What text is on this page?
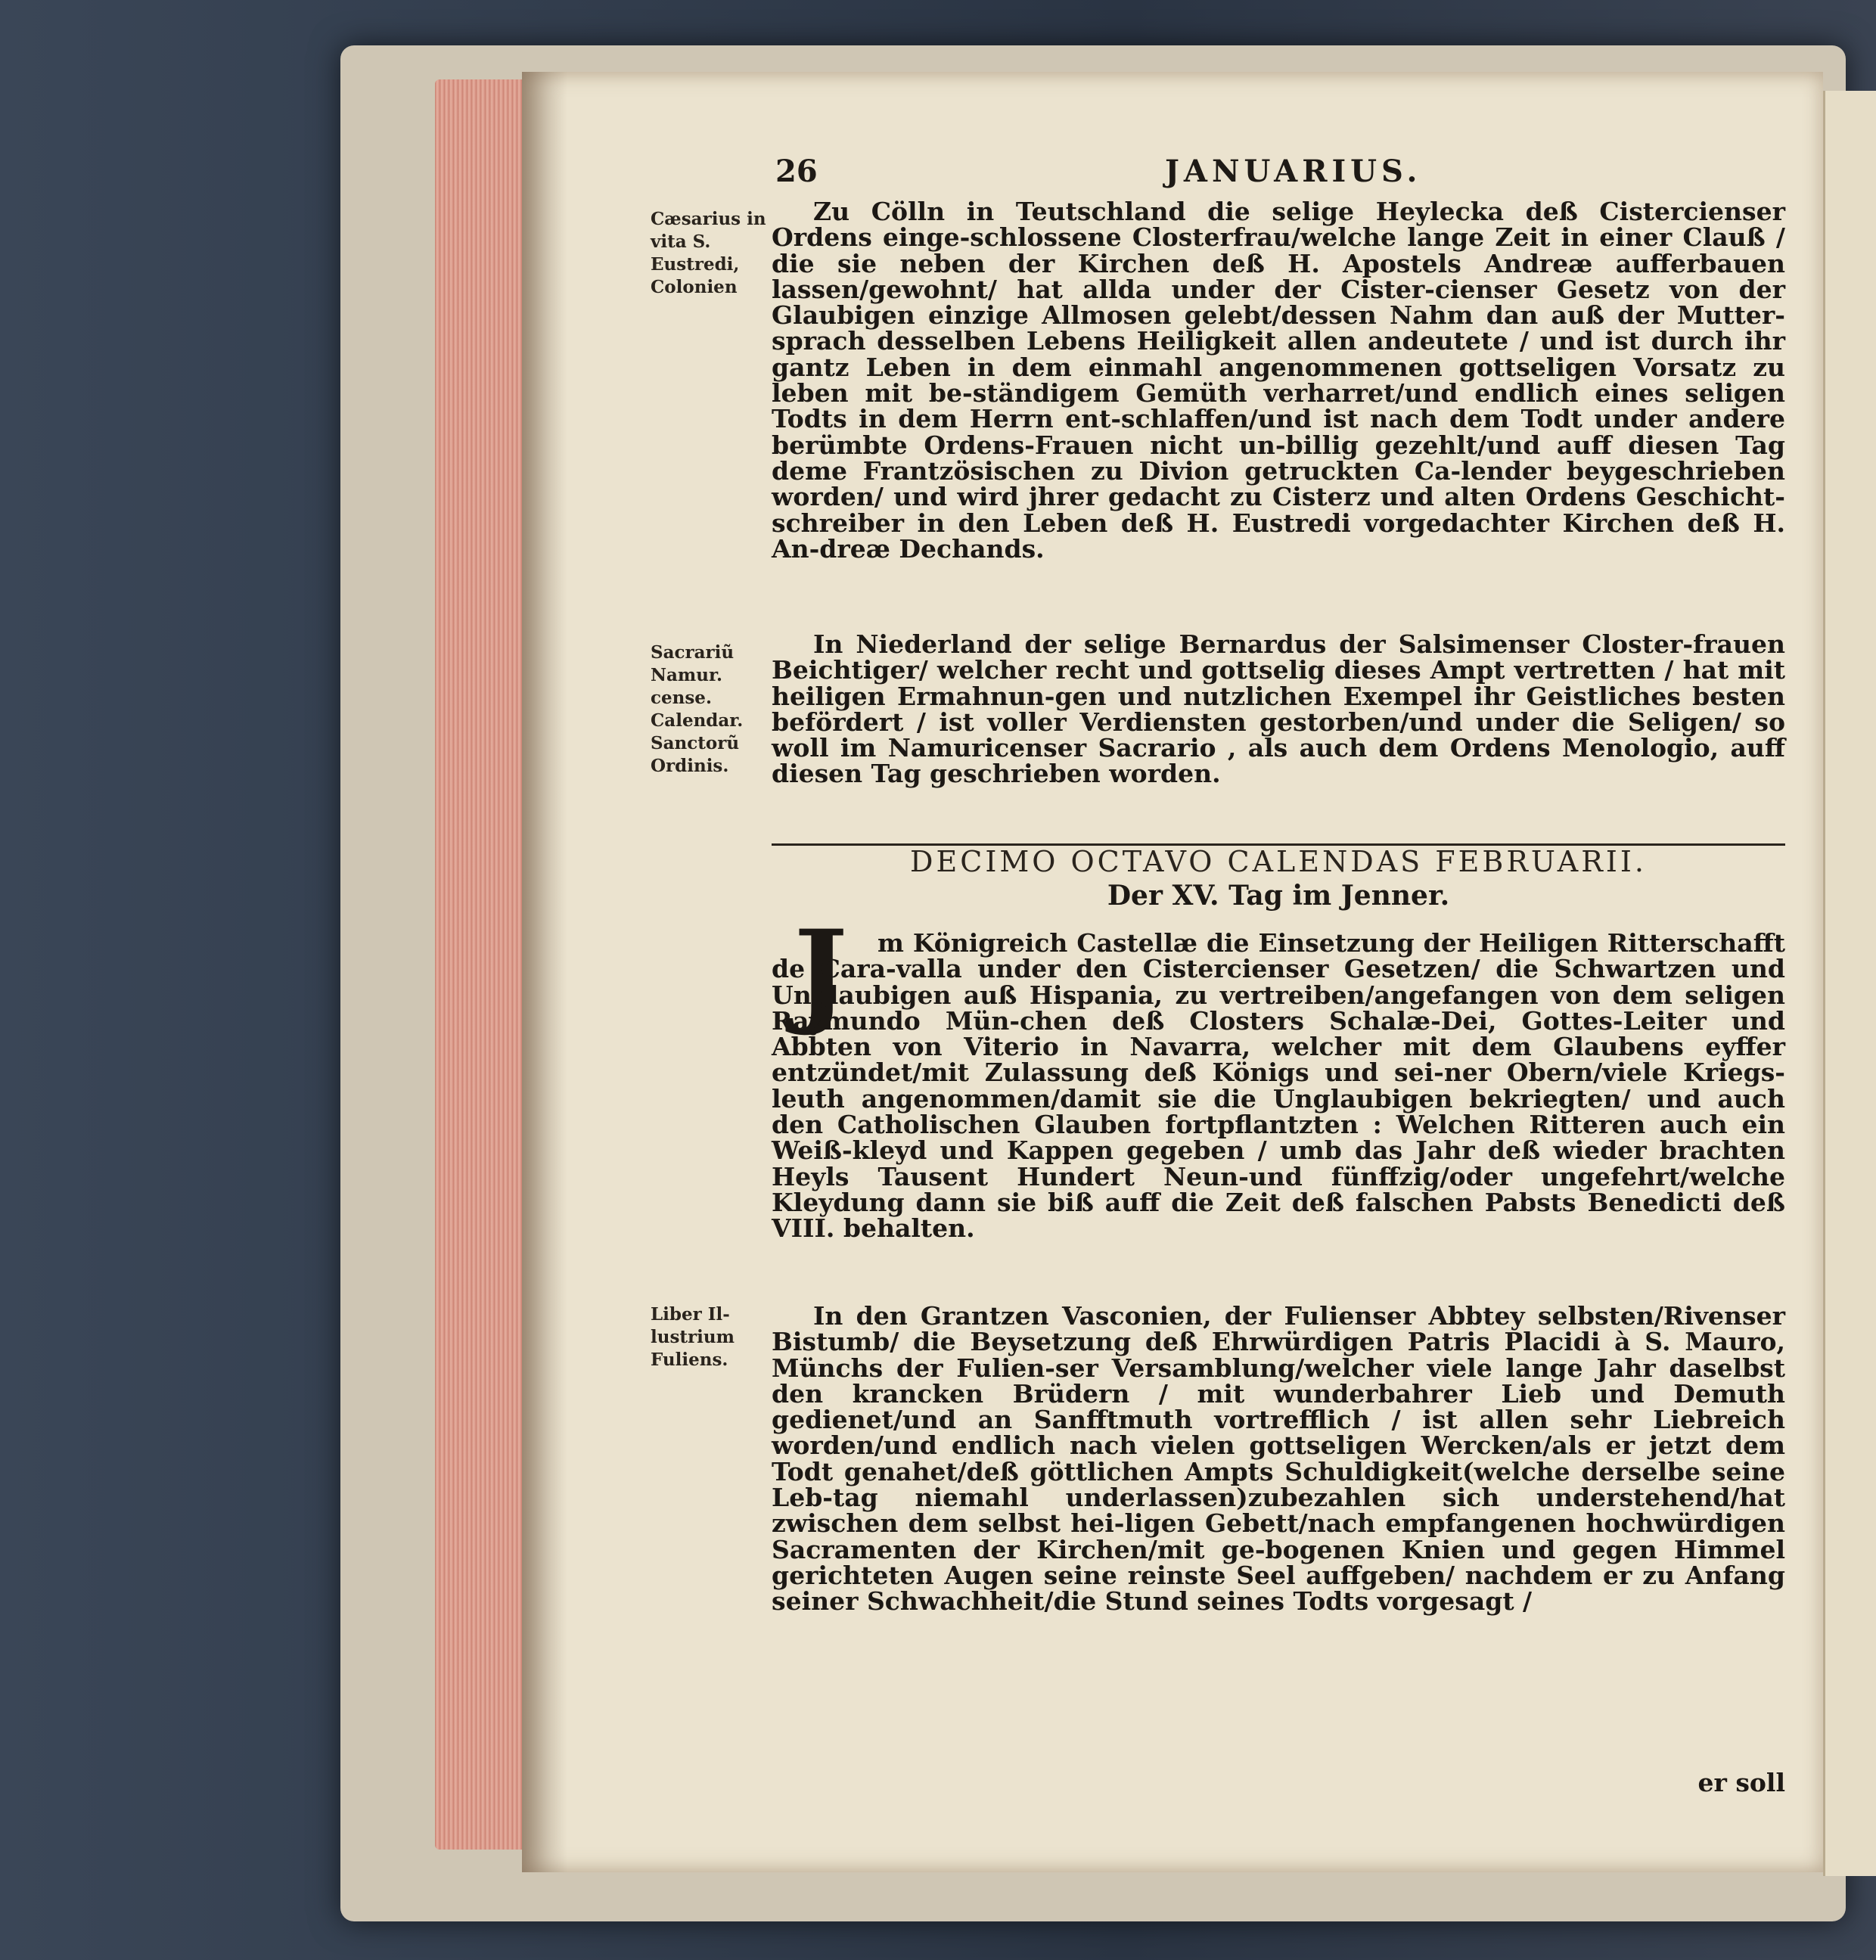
26	JANUARIUS.
Cæsarius in vita S. Eustredi, Colonien
Sacrariũ Namur. cense. Calendar. Sanctorũ Ordinis.
Liber Il-lustrium Fuliens.
Zu Cölln in Teutschland die selige Heylecka deß Cistercienser Ordens einge-schlossene Closterfrau/welche lange Zeit in einer Clauß / die sie neben der Kirchen deß H. Apostels Andreæ aufferbauen lassen/gewohnt/ hat allda under der Cister-cienser Gesetz von der Glaubigen einzige Allmosen gelebt/dessen Nahm dan auß der Mutter-sprach desselben Lebens Heiligkeit allen andeutete / und ist durch ihr gantz Leben in dem einmahl angenommenen gottseligen Vorsatz zu leben mit be-ständigem Gemüth verharret/und endlich eines seligen Todts in dem Herrn ent-schlaffen/und ist nach dem Todt under andere berümbte Ordens-Frauen nicht un-billig gezehlt/und auff diesen Tag deme Frantzösischen zu Divion getruckten Ca-lender beygeschrieben worden/ und wird jhrer gedacht zu Cisterz und alten Ordens Geschicht-schreiber in den Leben deß H. Eustredi vorgedachter Kirchen deß H. An-dreæ Dechands.
In Niederland der selige Bernardus der Salsimenser Closter-frauen Beichtiger/ welcher recht und gottselig dieses Ampt vertretten / hat mit heiligen Ermahnun-gen und nutzlichen Exempel ihr Geistliches besten befördert / ist voller Verdiensten gestorben/und under die Seligen/ so woll im Namuricenser Sacrario , als auch dem Ordens Menologio, auff diesen Tag geschrieben worden.
DECIMO OCTAVO CALENDAS FEBRUARII.
Der XV. Tag im Jenner.
J	m Königreich Castellæ die Einsetzung der Heiligen Ritterschafft de Cara-valla under den Cistercienser Gesetzen/ die Schwartzen und Unglaubigen auß Hispania, zu vertreiben/angefangen von dem seligen Raymundo Mün-chen deß Closters Schalæ-Dei, Gottes-Leiter und Abbten von Viterio in Navarra, welcher mit dem Glaubens eyffer entzündet/mit Zulassung deß Königs und sei-ner Obern/viele Kriegs-leuth angenommen/damit sie die Unglaubigen bekriegten/ und auch den Catholischen Glauben fortpflantzten : Welchen Ritteren auch ein Weiß-kleyd und Kappen gegeben / umb das Jahr deß wieder brachten Heyls Tausent Hundert Neun-und fünffzig/oder ungefehrt/welche Kleydung dann sie biß auff die Zeit deß falschen Pabsts Benedicti deß VIII. behalten.
In den Grantzen Vasconien, der Fulienser Abbtey selbsten/Rivenser Bistumb/ die Beysetzung deß Ehrwürdigen Patris Placidi à S. Mauro, Münchs der Fulien-ser Versamblung/welcher viele lange Jahr daselbst den krancken Brüdern / mit wunderbahrer Lieb und Demuth gedienet/und an Sanfftmuth vortrefflich / ist allen sehr Liebreich worden/und endlich nach vielen gottseligen Wercken/als er jetzt dem Todt genahet/deß göttlichen Ampts Schuldigkeit(welche derselbe seine Leb-tag niemahl underlassen)zubezahlen sich understehend/hat zwischen dem selbst hei-ligen Gebett/nach empfangenen hochwürdigen Sacramenten der Kirchen/mit ge-bogenen Knien und gegen Himmel gerichteten Augen seine reinste Seel auffgeben/ nachdem er zu Anfang seiner Schwachheit/die Stund seines Todts vorgesagt /
er soll
